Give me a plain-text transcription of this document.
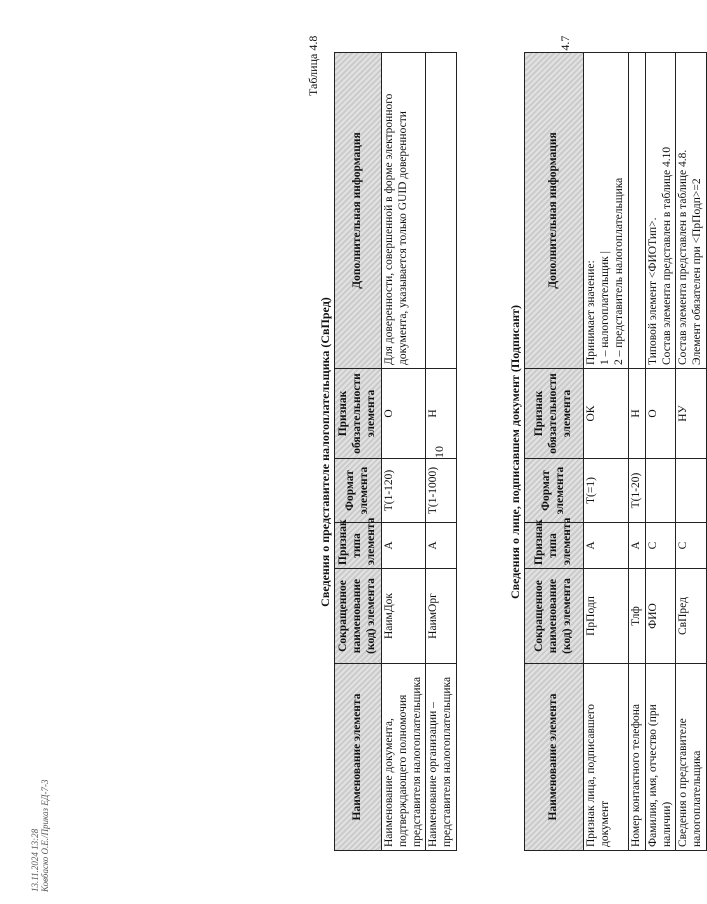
Сведения о лице, подписавшем документ (Подписант)
Наименование элемента	Сокращенное наименование (код) элемента	Признак типа элемента	Формат элемента	Признак обязательности элемента	Дополнительная информация
Признак лица, подписавшего документ	ПрПодп	А	Т(=1)	ОК	Принимает значение:
1 – налогоплательщик |
2 – представитель налогоплательщика
Номер контактного телефона	Тлф	А	Т(1-20)	Н	
Фамилия, имя, отчество (при наличии)	ФИО	С		О	Типовой элемент <ФИОТип>.
Состав элемента представлен в таблице 4.10
Сведения о представителе налогоплательщика	СвПред	С		НУ	Состав элемента представлен в таблице 4.8.
Элемент обязателен при <ПрПодп>=2
Таблица 4.8
Сведения о представителе налогоплательщика (СвПред)
Наименование элемента	Сокращенное наименование (код) элемента	Признак типа элемента	Формат элемента	Признак обязательности элемента	Дополнительная информация
Наименование документа, подтверждающего полномочия представителя налогоплательщика	НаимДок	А	Т(1-120)	О	Для доверенности, совершенной в форме электронного документа, указывается только GUID доверенности
Наименование организации – представителя налогоплательщика	НаимОрг	А	Т(1-1000)	Н	
10
13.11.2024 13:28 Ковбаско О.Е./Приказ ЕД-7-3
